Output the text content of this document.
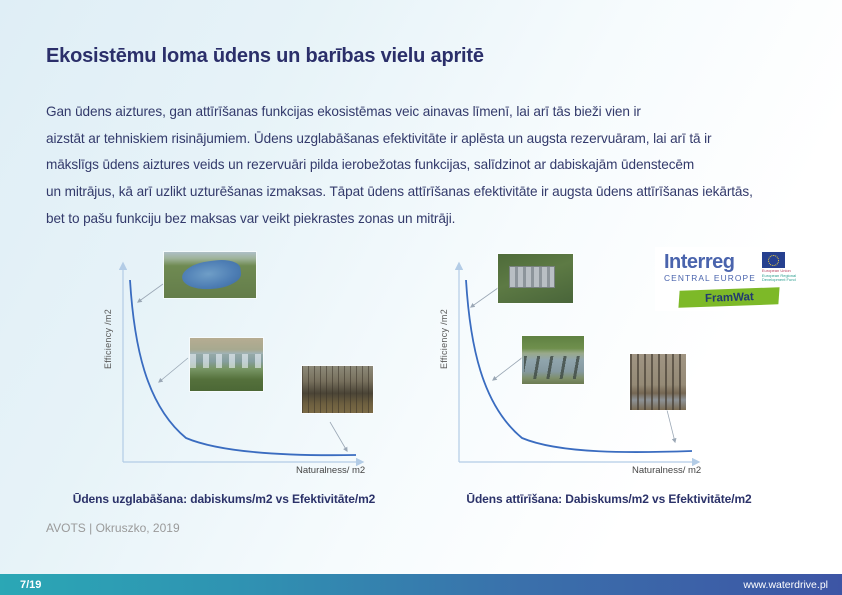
Ekosistēmu loma ūdens un barības vielu apritē
Gan ūdens aiztures, gan attīrīšanas funkcijas ekosistēmas veic ainavas līmenī, lai arī tās bieži vien ir
aizstāt ar tehniskiem risinājumiem. Ūdens uzglabāšanas efektivitāte ir aplēsta un augsta rezervuāram, lai arī tā ir
mākslīgs ūdens aiztures veids un rezervuāri pilda ierobežotas funkcijas, salīdzinot ar dabiskajām ūdenstecēm
un mitrājus, kā arī uzlikt uzturēšanas izmaksas. Tāpat ūdens attīrīšanas efektivitāte ir augsta ūdens attīrīšanas iekārtās,
bet to pašu funkciju bez maksas var veikt piekrastes zonas un mitrāji.
Efficiency /m2
Naturalness/ m2
Efficiency /m2
Naturalness/ m2
Interreg
CENTRAL EUROPE
European Union
European Regional
Development Fund
FramWat
Ūdens uzglabāšana: dabiskums/m2 vs Efektivitāte/m2	Ūdens attīrīšana: Dabiskums/m2 vs Efektivitāte/m2
AVOTS | Okruszko, 2019
7/19	www.waterdrive.pl
